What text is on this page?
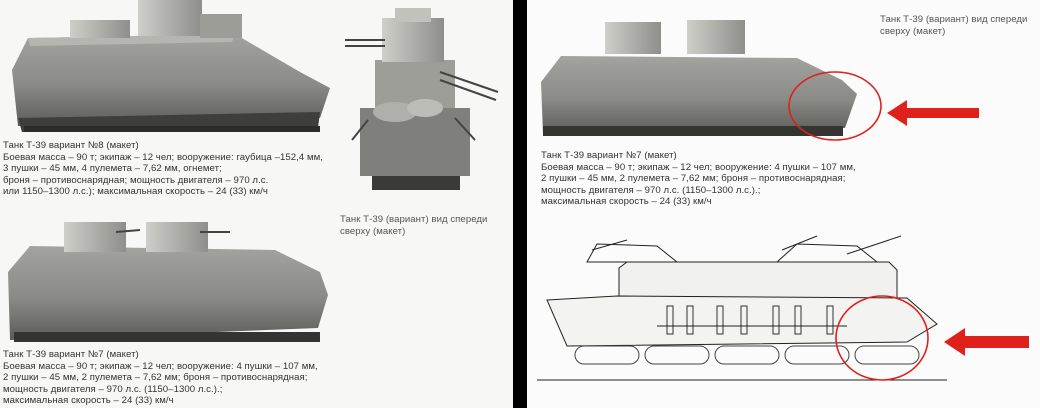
Танк Т-39 вариант №8 (макет)
Боевая масса – 90 т; экипаж – 12 чел; вооружение: гаубица –152,4 мм,
3 пушки – 45 мм, 4 пулемета – 7,62 мм, огнемет;
броня – противоснарядная; мощность двигателя – 970 л.с.
или 1150–1300 л.с.); максимальная скорость – 24 (33) км/ч

Танк Т-39 (вариант) вид спереди
сверху (макет)

Танк Т-39 вариант №7 (макет)
Боевая масса – 90 т; экипаж – 12 чел; вооружение: 4 пушки – 107 мм,
2 пушки – 45 мм, 2 пулемета – 7,62 мм; броня – противоснарядная;
мощность двигателя – 970 л.с. (1150–1300 л.с.).;
максимальная скорость – 24 (33) км/ч

Танк Т-39 (вариант) вид спереди
сверху (макет)

Танк Т-39 вариант №7 (макет)
Боевая масса – 90 т; экипаж – 12 чел; вооружение: 4 пушки – 107 мм,
2 пушки – 45 мм, 2 пулемета – 7,62 мм; броня – противоснарядная;
мощность двигателя – 970 л.с. (1150–1300 л.с.).;
максимальная скорость – 24 (33) км/ч
